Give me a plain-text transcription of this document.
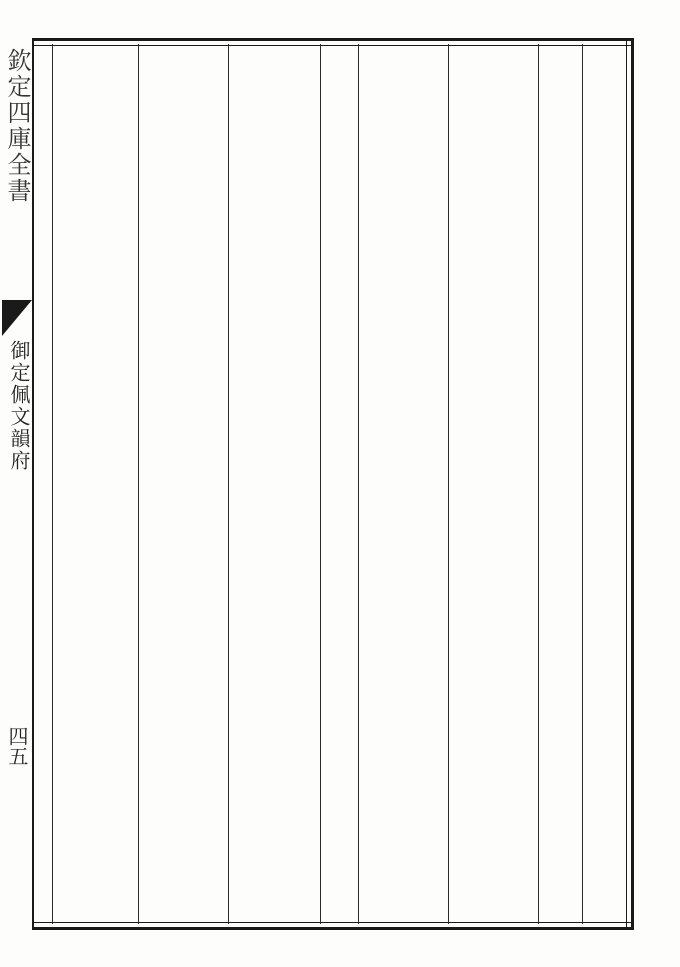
欽定四庫全書
御定佩文韻府
四五
